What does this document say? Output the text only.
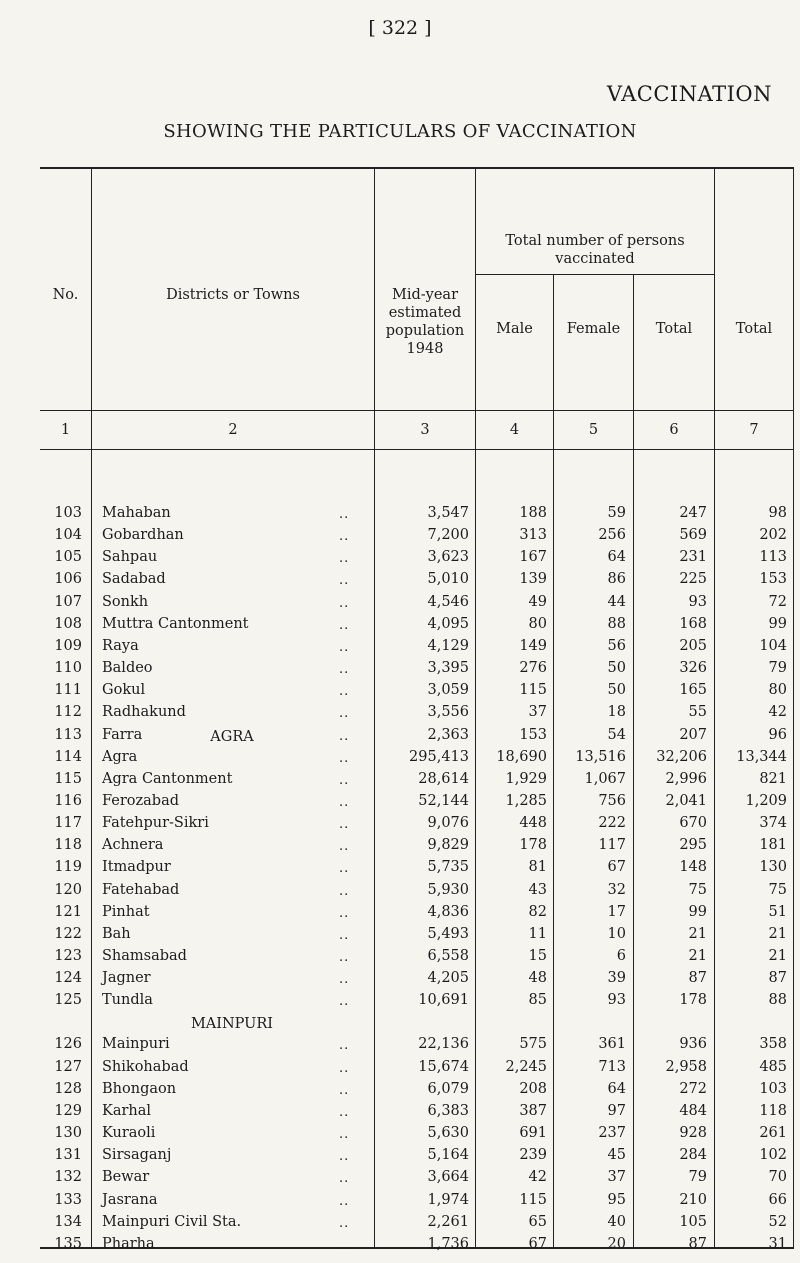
[ 322 ]
VACCINATION
SHOWING THE PARTICULARS OF VACCINATION
No.	Districts or Towns	Mid-year
estimated
population
1948
Total number of persons
vaccinated
Male	Female	Total	Total
1	2	3	4	5	6	7
103 Mahaban	3,547	188	59	247	98
..
104 Gobardhan	7,200	313	256	569	202
..
105 Sahpau	3,623	167	64	231	113
..
106 Sadabad	5,010	139	86	225	153
..
107 Sonkh	4,546	49	44	93	72
..
108 Muttra Cantonment	4,095	80	88	168	99
..
109 Raya	4,129	149	56	205	104
..
110 Baldeo	3,395	276	50	326	79
..
111 Gokul	3,059	115	50	165	80
..
112 Radhakund	3,556	37	18	55	42
..
113 Farra	2,363	153	54	207	96
..
114 Agra	295,413	18,690	13,516	32,206	13,344
..
115 Agra Cantonment	28,614	1,929	1,067	2,996	821
..
116 Ferozabad	52,144	1,285	756	2,041	1,209
..
117 Fatehpur-Sikri	9,076	448	222	670	374
..
118 Achnera	9,829	178	117	295	181
..
119 Itmadpur	5,735	81	67	148	130
..
120 Fatehabad	5,930	43	32	75	75
..
121 Pinhat	4,836	82	17	99	51
..
122 Bah	5,493	11	10	21	21
..
123 Shamsabad	6,558	15	6	21	21
..
124 Jagner	4,205	48	39	87	87
..
125 Tundla	10,691	85	93	178	88
..
126 Mainpuri	22,136	575	361	936	358
..
127 Shikohabad	15,674	2,245	713	2,958	485
..
128 Bhongaon	6,079	208	64	272	103
..
129 Karhal	6,383	387	97	484	118
..
130 Kuraoli	5,630	691	237	928	261
..
131 Sirsaganj	5,164	239	45	284	102
..
132 Bewar	3,664	42	37	79	70
..
133 Jasrana	1,974	115	95	210	66
..
134 Mainpuri Civil Sta.	2,261	65	40	105	52
..
135 Pharha	1,736	67	20	87	31
..
AGRA
MAINPURI
